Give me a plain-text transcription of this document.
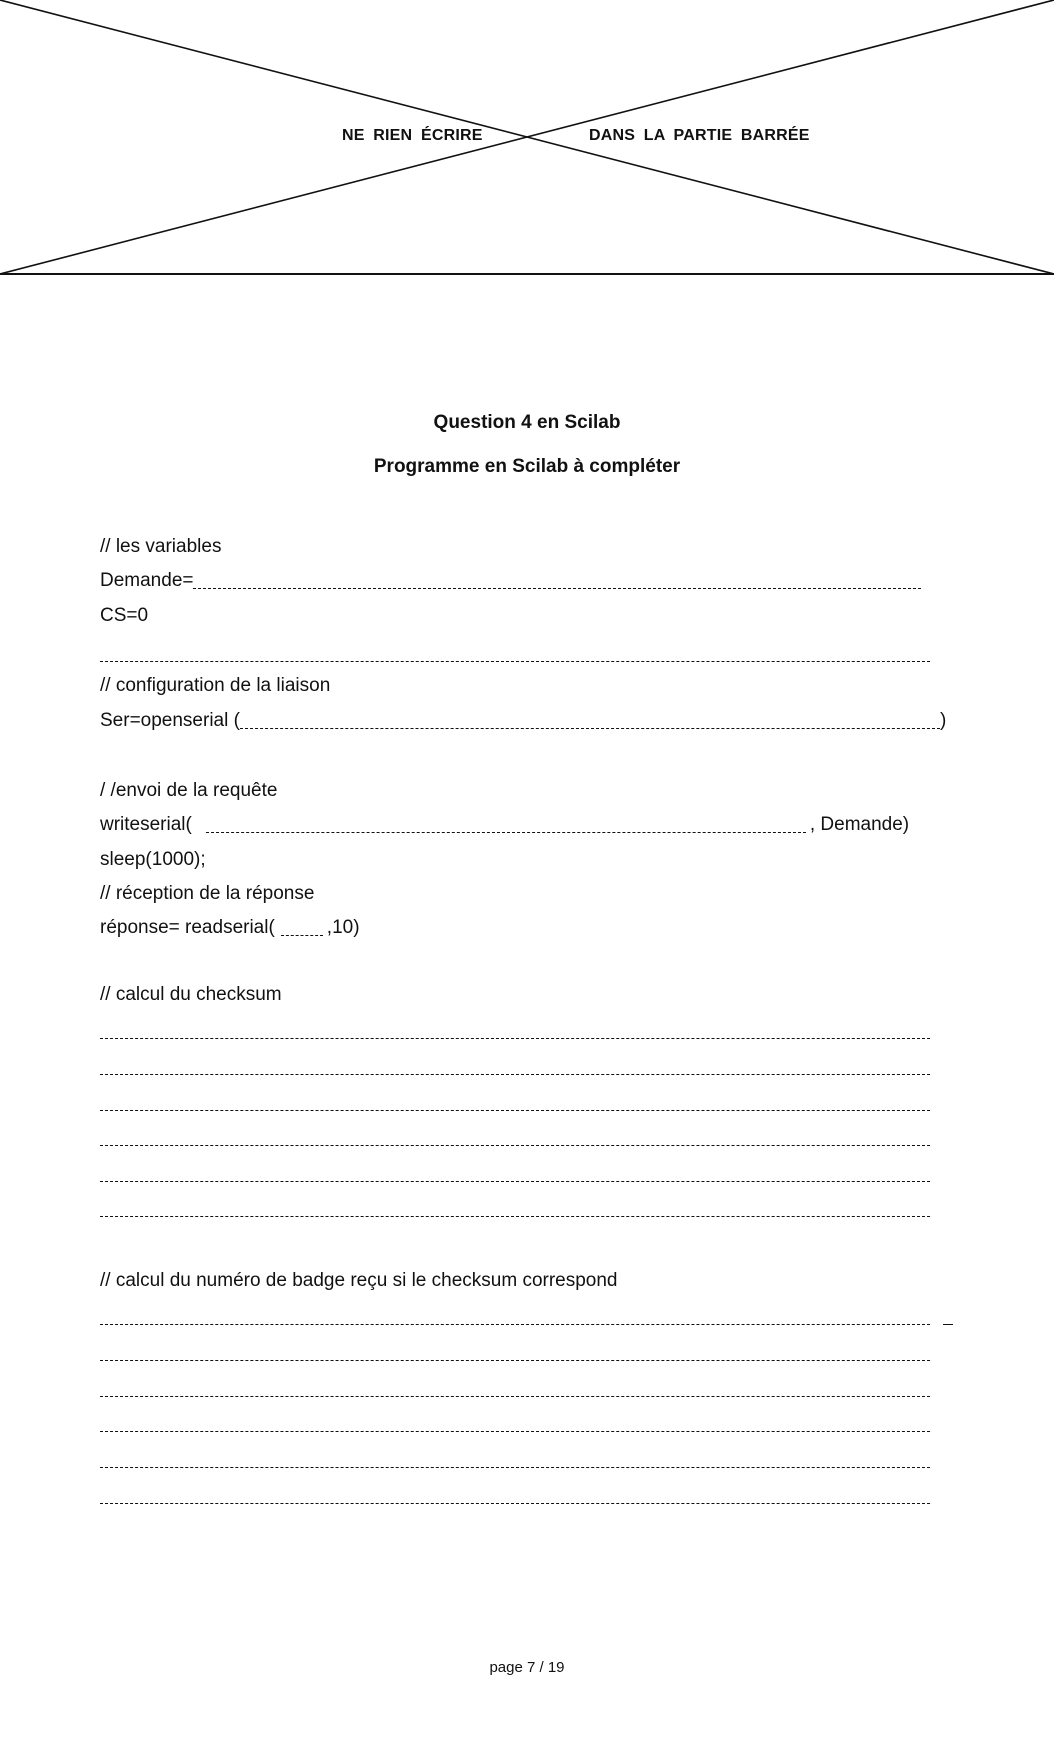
NE RIEN ÉCRIRE	DANS LA PARTIE BARRÉE
Question 4 en Scilab
Programme en Scilab à compléter
// les variables
Demande=
CS=0
// configuration de la liaison
Ser=openserial (	)
/ /envoi de la requête
writeserial(	, Demande)
sleep(1000);
// réception de la réponse
réponse= readserial(	,10)
// calcul du checksum
// calcul du numéro de badge reçu si le checksum correspond
page 7 / 19
